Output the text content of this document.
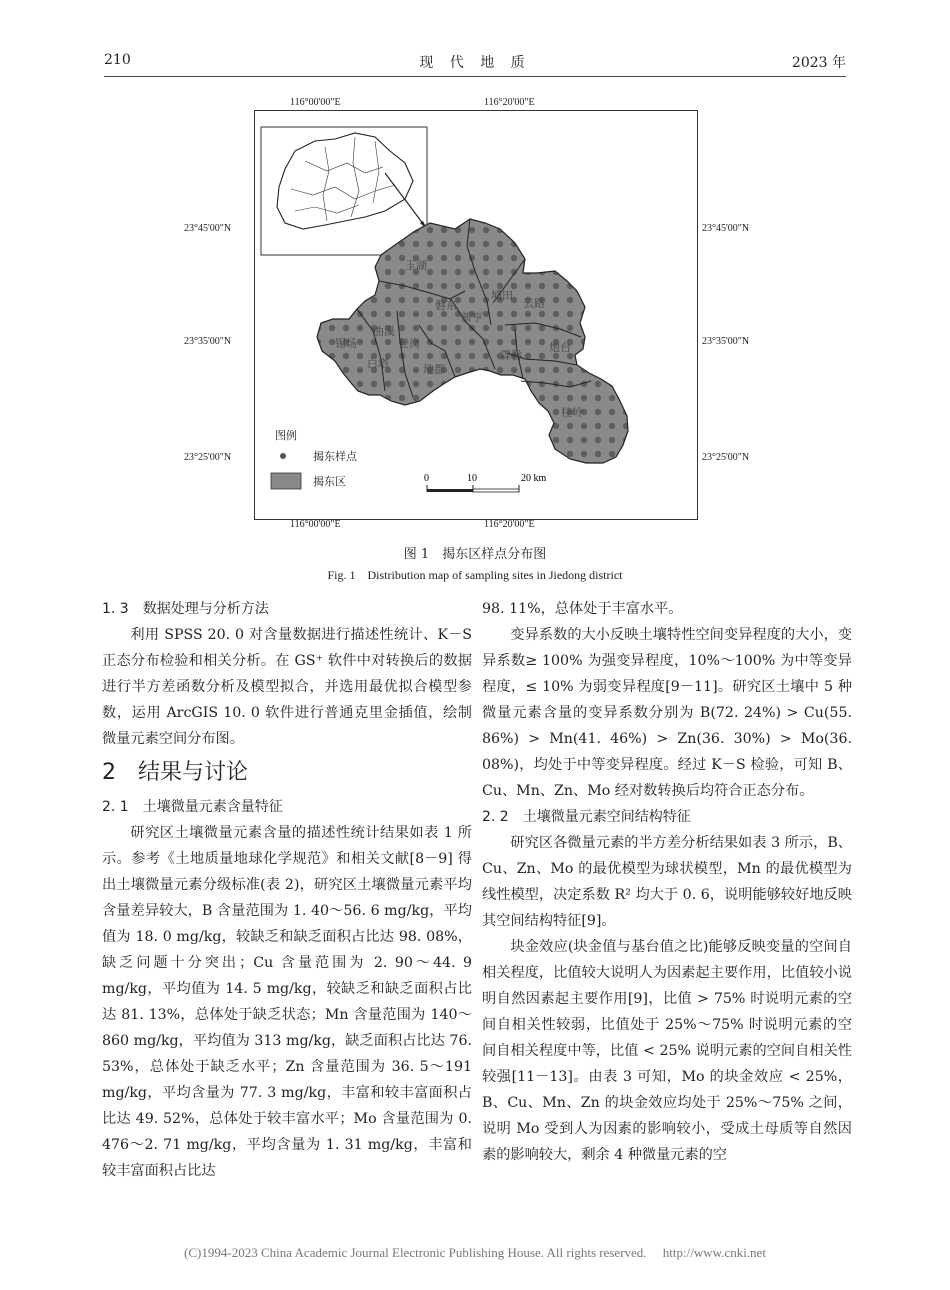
210	现 代 地 质	2023 年
玉湖
磐东
新亨
埔田
云路
曲溪
登岗
地都
锡场
白塔
霖磐
炮台
桂岭
图例
揭东样点
揭东区	0	10	20 km
116°00'00"E	116°20'00"E
116°00'00"E	116°20'00"E
23°45'00"N	23°45'00"N
23°35'00"N	23°35'00"N
23°25'00"N	23°25'00"N
图 1　揭东区样点分布图
Fig. 1　Distribution map of sampling sites in Jiedong district

1. 3　数据处理与分析方法

利用 SPSS 20. 0 对含量数据进行描述性统计、K－S 正态分布检验和相关分析。在 GS⁺ 软件中对转换后的数据进行半方差函数分析及模型拟合，并选用最优拟合模型参数，运用 ArcGIS 10. 0 软件进行普通克里金插值，绘制微量元素空间分布图。

2　结果与讨论

2. 1　土壤微量元素含量特征

研究区土壤微量元素含量的描述性统计结果如表 1 所示。参考《土地质量地球化学规范》和相关文献[8－9] 得出土壤微量元素分级标准(表 2)，研究区土壤微量元素平均含量差异较大，B 含量范围为 1. 40～56. 6 mg/kg，平均值为 18. 0 mg/kg，较缺乏和缺乏面积占比达 98. 08%，缺乏问题十分突出；Cu 含量范围为 2. 90～44. 9 mg/kg，平均值为 14. 5 mg/kg，较缺乏和缺乏面积占比达 81. 13%，总体处于缺乏状态；Mn 含量范围为 140～860 mg/kg，平均值为 313 mg/kg，缺乏面积占比达 76. 53%，总体处于缺乏水平；Zn 含量范围为 36. 5～191 mg/kg，平均含量为 77. 3 mg/kg，丰富和较丰富面积占比达 49. 52%，总体处于较丰富水平；Mo 含量范围为 0. 476～2. 71 mg/kg，平均含量为 1. 31 mg/kg，丰富和较丰富面积占比达

98. 11%，总体处于丰富水平。

变异系数的大小反映土壤特性空间变异程度的大小，变异系数≥ 100% 为强变异程度，10%～100% 为中等变异程度，≤ 10% 为弱变异程度[9－11]。研究区土壤中 5 种微量元素含量的变异系数分别为 B(72. 24%) > Cu(55. 86%) > Mn(41. 46%) > Zn(36. 30%) > Mo(36. 08%)，均处于中等变异程度。经过 K－S 检验，可知 B、Cu、Mn、Zn、Mo 经对数转换后均符合正态分布。

2. 2　土壤微量元素空间结构特征

研究区各微量元素的半方差分析结果如表 3 所示，B、Cu、Zn、Mo 的最优模型为球状模型，Mn 的最优模型为线性模型，决定系数 R² 均大于 0. 6，说明能够较好地反映其空间结构特征[9]。

块金效应(块金值与基台值之比)能够反映变量的空间自相关程度，比值较大说明人为因素起主要作用，比值较小说明自然因素起主要作用[9]，比值 > 75% 时说明元素的空间自相关性较弱，比值处于 25%～75% 时说明元素的空间自相关程度中等，比值 < 25% 说明元素的空间自相关性较强[11－13]。由表 3 可知，Mo 的块金效应 < 25%，B、Cu、Mn、Zn 的块金效应均处于 25%～75% 之间，说明 Mo 受到人为因素的影响较小，受成土母质等自然因素的影响较大，剩余 4 种微量元素的空

(C)1994-2023 China Academic Journal Electronic Publishing House. All rights reserved.　 http://www.cnki.net
